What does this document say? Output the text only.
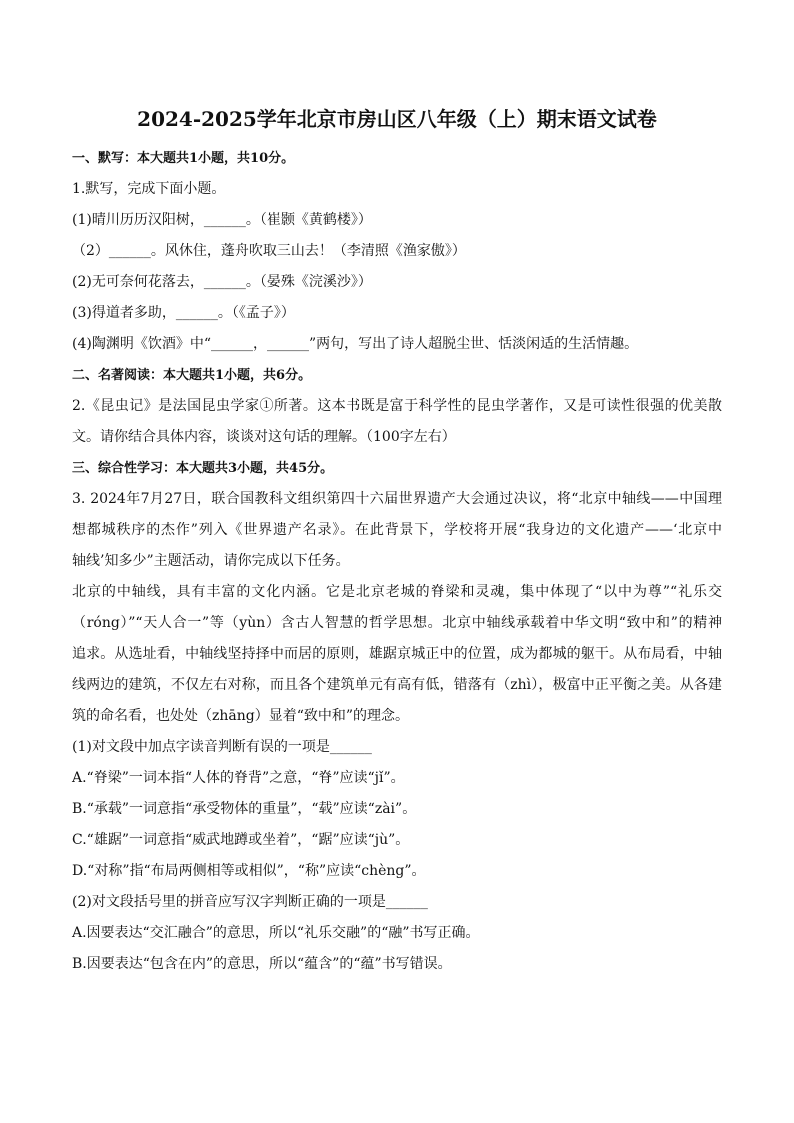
2024-2025学年北京市房山区八年级（上）期末语文试卷
一、默写：本大题共1小题，共10分。
1.默写，完成下面小题。
(1)晴川历历汉阳树，______。（崔颢《黄鹤楼》）
（2）______。风休住，蓬舟吹取三山去！（李清照《渔家傲》）
(2)无可奈何花落去，______。（晏殊《浣溪沙》）
(3)得道者多助，______。（《孟子》）
(4)陶渊明《饮酒》中“______，______”两句，写出了诗人超脱尘世、恬淡闲适的生活情趣。
二、名著阅读：本大题共1小题，共6分。
2.《昆虫记》是法国昆虫学家①所著。这本书既是富于科学性的昆虫学著作，又是可读性很强的优美散
文。请你结合具体内容，谈谈对这句话的理解。（100字左右）
三、综合性学习：本大题共3小题，共45分。
3. 2024年7月27日，联合国教科文组织第四十六届世界遗产大会通过决议，将“北京中轴线——中国理
想都城秩序的杰作”列入《世界遗产名录》。在此背景下，学校将开展“我身边的文化遗产——‘北京中
轴线’知多少”主题活动，请你完成以下任务。
北京的中轴线，具有丰富的文化内涵。它是北京老城的脊梁和灵魂，集中体现了“以中为尊”“礼乐交
（róng）”“天人合一”等（yùn）含古人智慧的哲学思想。北京中轴线承载着中华文明“致中和”的精神
追求。从选址看，中轴线坚持择中而居的原则，雄踞京城正中的位置，成为都城的躯干。从布局看，中轴
线两边的建筑，不仅左右对称，而且各个建筑单元有高有低，错落有（zhì），极富中正平衡之美。从各建
筑的命名看，也处处（zhāng）显着“致中和”的理念。
(1)对文段中加点字读音判断有误的一项是______
A.“脊梁”一词本指“人体的脊背”之意，“脊”应读“jǐ”。
B.“承载”一词意指“承受物体的重量”，“载”应读“zài”。
C.“雄踞”一词意指“威武地蹲或坐着”，“踞”应读“jù”。
D.“对称”指“布局两侧相等或相似”，“称”应读“chèng”。
(2)对文段括号里的拼音应写汉字判断正确的一项是______
A.因要表达“交汇融合”的意思，所以“礼乐交融”的“融”书写正确。
B.因要表达“包含在内”的意思，所以“蕴含”的“蕴”书写错误。
